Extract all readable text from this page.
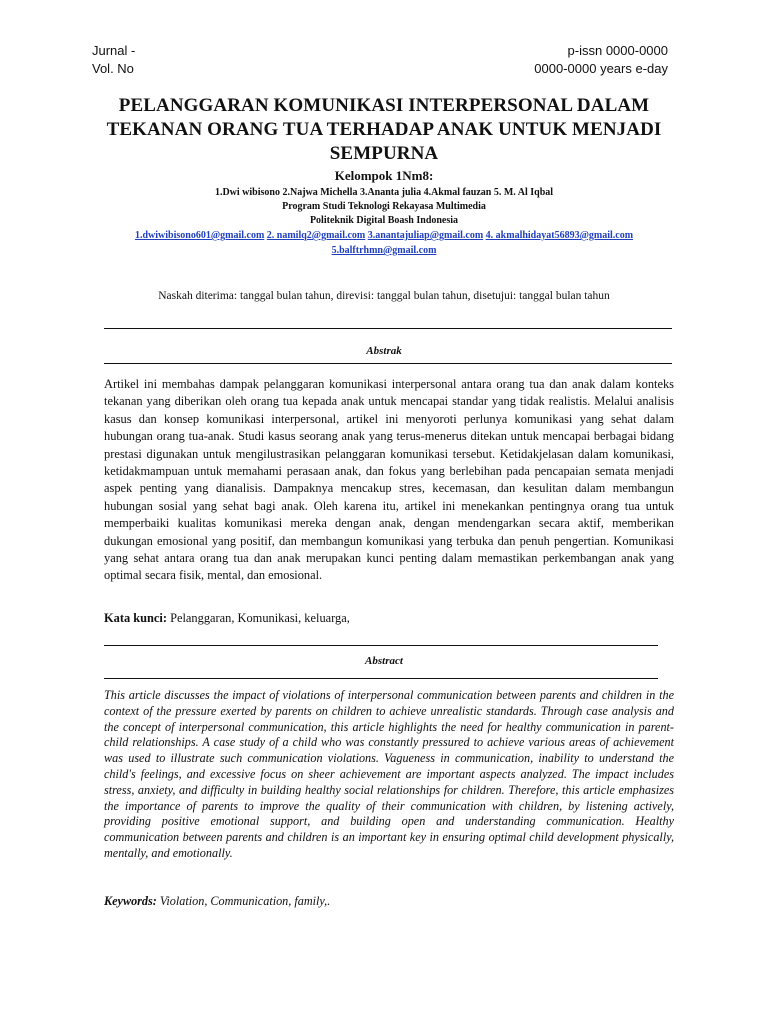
Jurnal -
Vol. No
p-issn 0000-0000
0000-0000 years e-day
PELANGGARAN KOMUNIKASI INTERPERSONAL DALAM
TEKANAN ORANG TUA TERHADAP ANAK UNTUK MENJADI
SEMPURNA
Kelompok 1Nm8:
1.Dwi wibisono 2.Najwa Michella 3.Ananta julia 4.Akmal fauzan 5. M. Al Iqbal
Program Studi Teknologi Rekayasa Multimedia
Politeknik Digital Boash Indonesia
1.dwiwibisono601@gmail.com 2. namilq2@gmail.com 3.anantajuliap@gmail.com 4. akmalhidayat56893@gmail.com 5.balftrhmn@gmail.com
Naskah diterima: tanggal bulan tahun, direvisi: tanggal bulan tahun, disetujui: tanggal bulan tahun
Abstrak
Artikel ini membahas dampak pelanggaran komunikasi interpersonal antara orang tua dan anak dalam konteks tekanan yang diberikan oleh orang tua kepada anak untuk mencapai standar yang tidak realistis. Melalui analisis kasus dan konsep komunikasi interpersonal, artikel ini menyoroti perlunya komunikasi yang sehat dalam hubungan orang tua-anak. Studi kasus seorang anak yang terus-menerus ditekan untuk mencapai berbagai bidang prestasi digunakan untuk mengilustrasikan pelanggaran komunikasi tersebut. Ketidakjelasan dalam komunikasi, ketidakmampuan untuk memahami perasaan anak, dan fokus yang berlebihan pada pencapaian semata menjadi aspek penting yang dianalisis. Dampaknya mencakup stres, kecemasan, dan kesulitan dalam membangun hubungan sosial yang sehat bagi anak. Oleh karena itu, artikel ini menekankan pentingnya orang tua untuk memperbaiki kualitas komunikasi mereka dengan anak, dengan mendengarkan secara aktif, memberikan dukungan emosional yang positif, dan membangun komunikasi yang terbuka dan penuh pengertian. Komunikasi yang sehat antara orang tua dan anak merupakan kunci penting dalam memastikan perkembangan anak yang optimal secara fisik, mental, dan emosional.
Kata kunci: Pelanggaran, Komunikasi, keluarga,
Abstract
This article discusses the impact of violations of interpersonal communication between parents and children in the context of the pressure exerted by parents on children to achieve unrealistic standards. Through case analysis and the concept of interpersonal communication, this article highlights the need for healthy communication in parent-child relationships. A case study of a child who was constantly pressured to achieve various areas of achievement was used to illustrate such communication violations. Vagueness in communication, inability to understand the child's feelings, and excessive focus on sheer achievement are important aspects analyzed. The impact includes stress, anxiety, and difficulty in building healthy social relationships for children. Therefore, this article emphasizes the importance of parents to improve the quality of their communication with children, by listening actively, providing positive emotional support, and building open and understanding communication. Healthy communication between parents and children is an important key in ensuring optimal child development physically, mentally, and emotionally.
Keywords: Violation, Communication, family,.
